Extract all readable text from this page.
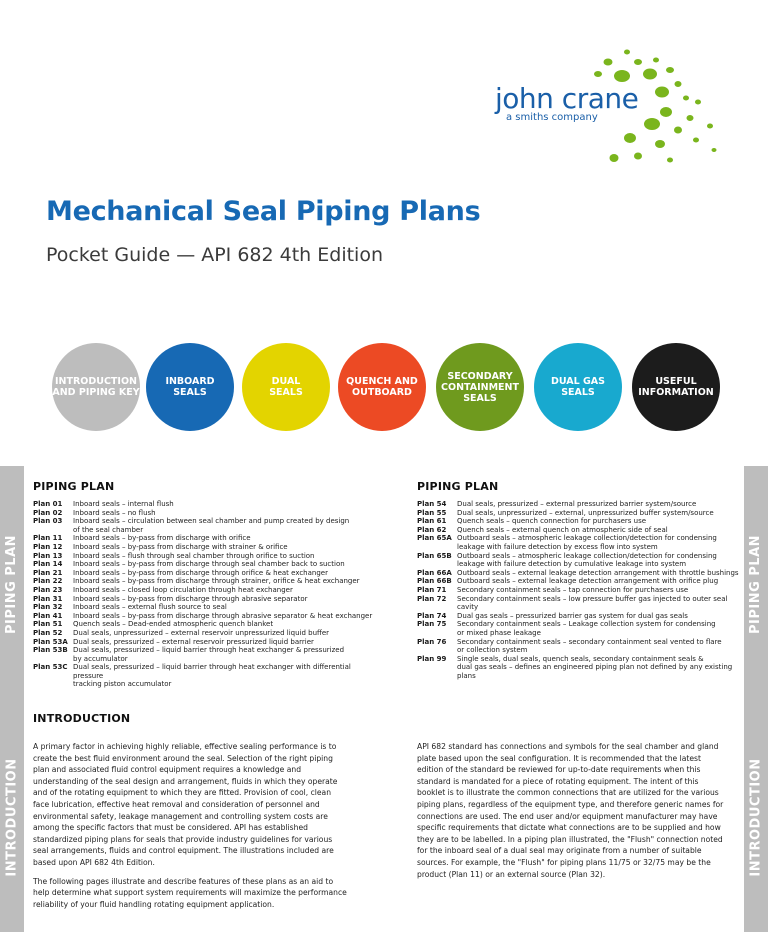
john crane
a smiths company
Mechanical Seal Piping Plans
Pocket Guide — API 682 4th Edition
INTRODUCTION
AND PIPING KEY
INBOARD
SEALS
DUAL
SEALS
QUENCH AND
OUTBOARD
SECONDARY
CONTAINMENT
SEALS
DUAL GAS
SEALS
USEFUL
INFORMATION
PIPING PLAN
INTRODUCTION
PIPING PLAN
INTRODUCTION
PIPING PLAN	PIPING PLAN
Plan 01	Inboard seals – internal flush
Plan 02	Inboard seals – no flush
Plan 03	Inboard seals – circulation between seal chamber and pump created by design
of the seal chamber
Plan 11	Inboard seals – by-pass from discharge with orifice
Plan 12	Inboard seals – by-pass from discharge with strainer & orifice
Plan 13	Inboard seals – flush through seal chamber through orifice to suction
Plan 14	Inboard seals – by-pass from discharge through seal chamber back to suction
Plan 21	Inboard seals – by-pass from discharge through orifice & heat exchanger
Plan 22	Inboard seals – by-pass from discharge through strainer, orifice & heat exchanger
Plan 23	Inboard seals – closed loop circulation through heat exchanger
Plan 31	Inboard seals – by-pass from discharge through abrasive separator
Plan 32	Inboard seals – external flush source to seal
Plan 41	Inboard seals – by-pass from discharge through abrasive separator & heat exchanger
Plan 51	Quench seals – Dead-ended atmospheric quench blanket
Plan 52	Dual seals, unpressurized – external reservoir unpressurized liquid buffer
Plan 53A Dual seals, pressurized – external reservoir pressurized liquid barrier
Plan 53B Dual seals, pressurized – liquid barrier through heat exchanger & pressurized
by accumulator
Plan 53C Dual seals, pressurized – liquid barrier through heat exchanger with differential pressure
tracking piston accumulator
Plan 54	Dual seals, pressurized – external pressurized barrier system/source
Plan 55	Dual seals, unpressurized – external, unpressurized buffer system/source
Plan 61	Quench seals – quench connection for purchasers use
Plan 62	Quench seals – external quench on atmospheric side of seal
Plan 65A Outboard seals – atmospheric leakage collection/detection for condensing
leakage with failure detection by excess flow into system
Plan 65B Outboard seals – atmospheric leakage collection/detection for condensing
leakage with failure detection by cumulative leakage into system
Plan 66A Outboard seals – external leakage detection arrangement with throttle bushings
Plan 66B Outboard seals – external leakage detection arrangement with orifice plug
Plan 71	Secondary containment seals – tap connection for purchasers use
Plan 72	Secondary containment seals – low pressure buffer gas injected to outer seal cavity
Plan 74	Dual gas seals – pressurized barrier gas system for dual gas seals
Plan 75	Secondary containment seals – Leakage collection system for condensing
or mixed phase leakage
Plan 76	Secondary containment seals – secondary containment seal vented to flare
or collection system
Plan 99	Single seals, dual seals, quench seals, secondary containment seals &
dual gas seals – defines an engineered piping plan not defined by any existing plans
INTRODUCTION

A primary factor in achieving highly reliable, effective sealing performance is to create the best fluid environment around the seal. Selection of the right piping plan and associated fluid control equipment requires a knowledge and understanding of the seal design and arrangement, fluids in which they operate and of the rotating equipment to which they are fitted. Provision of cool, clean face lubrication, effective heat removal and consideration of personnel and environmental safety, leakage management and controlling system costs are among the specific factors that must be considered. API has established standardized piping plans for seals that provide industry guidelines for various seal arrangements, fluids and control equipment. The illustrations included are based upon API 682 4th Edition.

The following pages illustrate and describe features of these plans as an aid to help determine what support system requirements will maximize the performance reliability of your fluid handling rotating equipment application.

API 682 standard has connections and symbols for the seal chamber and gland plate based upon the seal configuration. It is recommended that the latest edition of the standard be reviewed for up-to-date requirements when this standard is mandated for a piece of rotating equipment. The intent of this booklet is to illustrate the common connections that are utilized for the various piping plans, regardless of the equipment type, and therefore generic names for connections are used. The end user and/or equipment manufacturer may have specific requirements that dictate what connections are to be supplied and how they are to be labelled. In a piping plan illustrated, the "Flush" connection noted for the inboard seal of a dual seal may originate from a number of suitable sources. For example, the "Flush" for piping plans 11/75 or 32/75 may be the product (Plan 11) or an external source (Plan 32).
